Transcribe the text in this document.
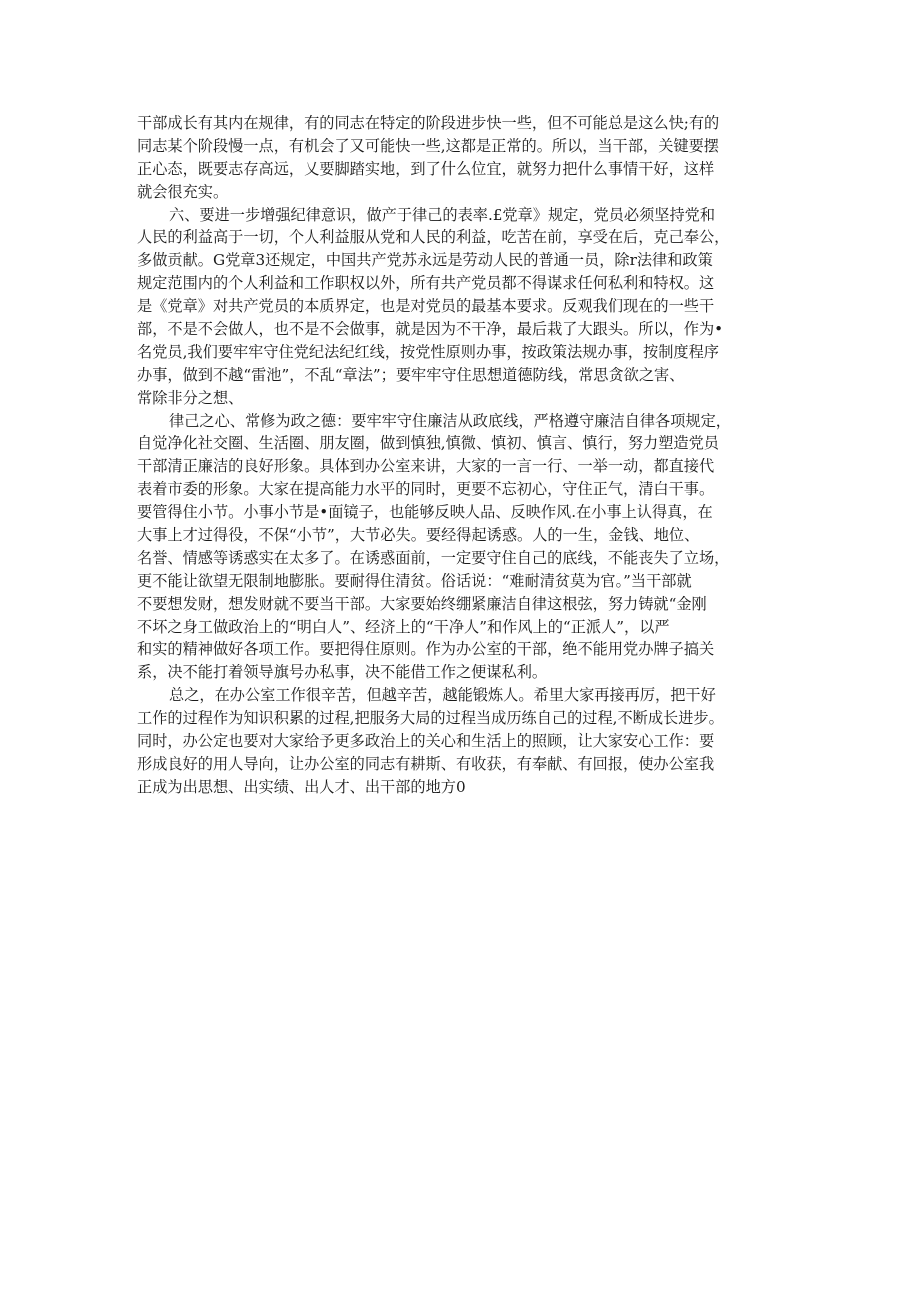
干部成长有其内在规律，有的同志在特定的阶段进步快一些，但不可能总是这么快;有的
同志某个阶段慢一点，有机会了又可能快一些,这都是正常的。所以，当干部，关键要摆
正心态，既要志存高远，乂要脚踏实地，到了什么位宜，就努力把什么事情干好，这样
就会很充实。
六、要进一步增强纪律意识，做产于律己的表率.£党章》规定，党员必须坚持党和
人民的利益高于一切，个人利益服从党和人民的利益，吃苦在前，享受在后，克己奉公，
多做贡献。G党章3还规定，中国共产党苏永远是劳动人民的普通一员，除r法律和政策
规定范围内的个人利益和工作职权以外，所有共产党员都不得谋求任何私利和特权。这
是《党章》对共产党员的本质界定，也是对党员的最基本要求。反观我们现在的一些干
部，不是不会做人，也不是不会做事，就是因为不干净，最后栽了大跟头。所以，作为•
名党员,我们要牢牢守住党纪法纪红线，按党性原则办事，按政策法规办事，按制度程序
办事，做到不越“雷池”，不乱“章法”；要牢牢守住思想道德防线，常思贪欲之害、
常除非分之想、
律己之心、常修为政之德：要牢牢守住廉洁从政底线，严格遵守廉洁自律各项规定，
自觉净化社交圈、生活圈、朋友圈，做到慎独,慎微、慎初、慎言、慎行，努力塑造党员
干部清正廉洁的良好形象。具体到办公室来讲，大家的一言一行、一举一动，都直接代
表着市委的形象。大家在提高能力水平的同时，更要不忘初心，守住正气，清白干事。
要管得住小节。小事小节是•面镜子，也能够反映人品、反映作风.在小事上认得真，在
大事上才过得役，不保“小节”，大节必失。要经得起诱惑。人的一生，金钱、地位、
名誉、情感等诱惑实在太多了。在诱惑面前，一定要守住自己的底线，不能丧失了立场，
更不能让欲望无限制地膨胀。要耐得住清贫。俗话说：“难耐清贫莫为官。”当干部就
不要想发财，想发财就不要当干部。大家要始终绷紧廉洁自律这根弦，努力铸就“金刚
不坏之身工做政治上的“明白人”、经济上的“干净人”和作风上的“正派人”，以严
和实的精神做好各项工作。要把得住原则。作为办公室的干部，绝不能用党办牌子搞关
系，决不能打着领导旗号办私事，决不能借工作之便谋私利。
总之，在办公室工作很辛苦，但越辛苦，越能锻炼人。希里大家再接再厉，把干好
工作的过程作为知识积累的过程,把服务大局的过程当成历练自己的过程,不断成长进步。
同时，办公定也要对大家给予更多政治上的关心和生活上的照顾，让大家安心工作：要
形成良好的用人导向，让办公室的同志有耕斯、有收获，有奉献、有回报，使办公室我
正成为出思想、出实绩、出人才、出干部的地方0
